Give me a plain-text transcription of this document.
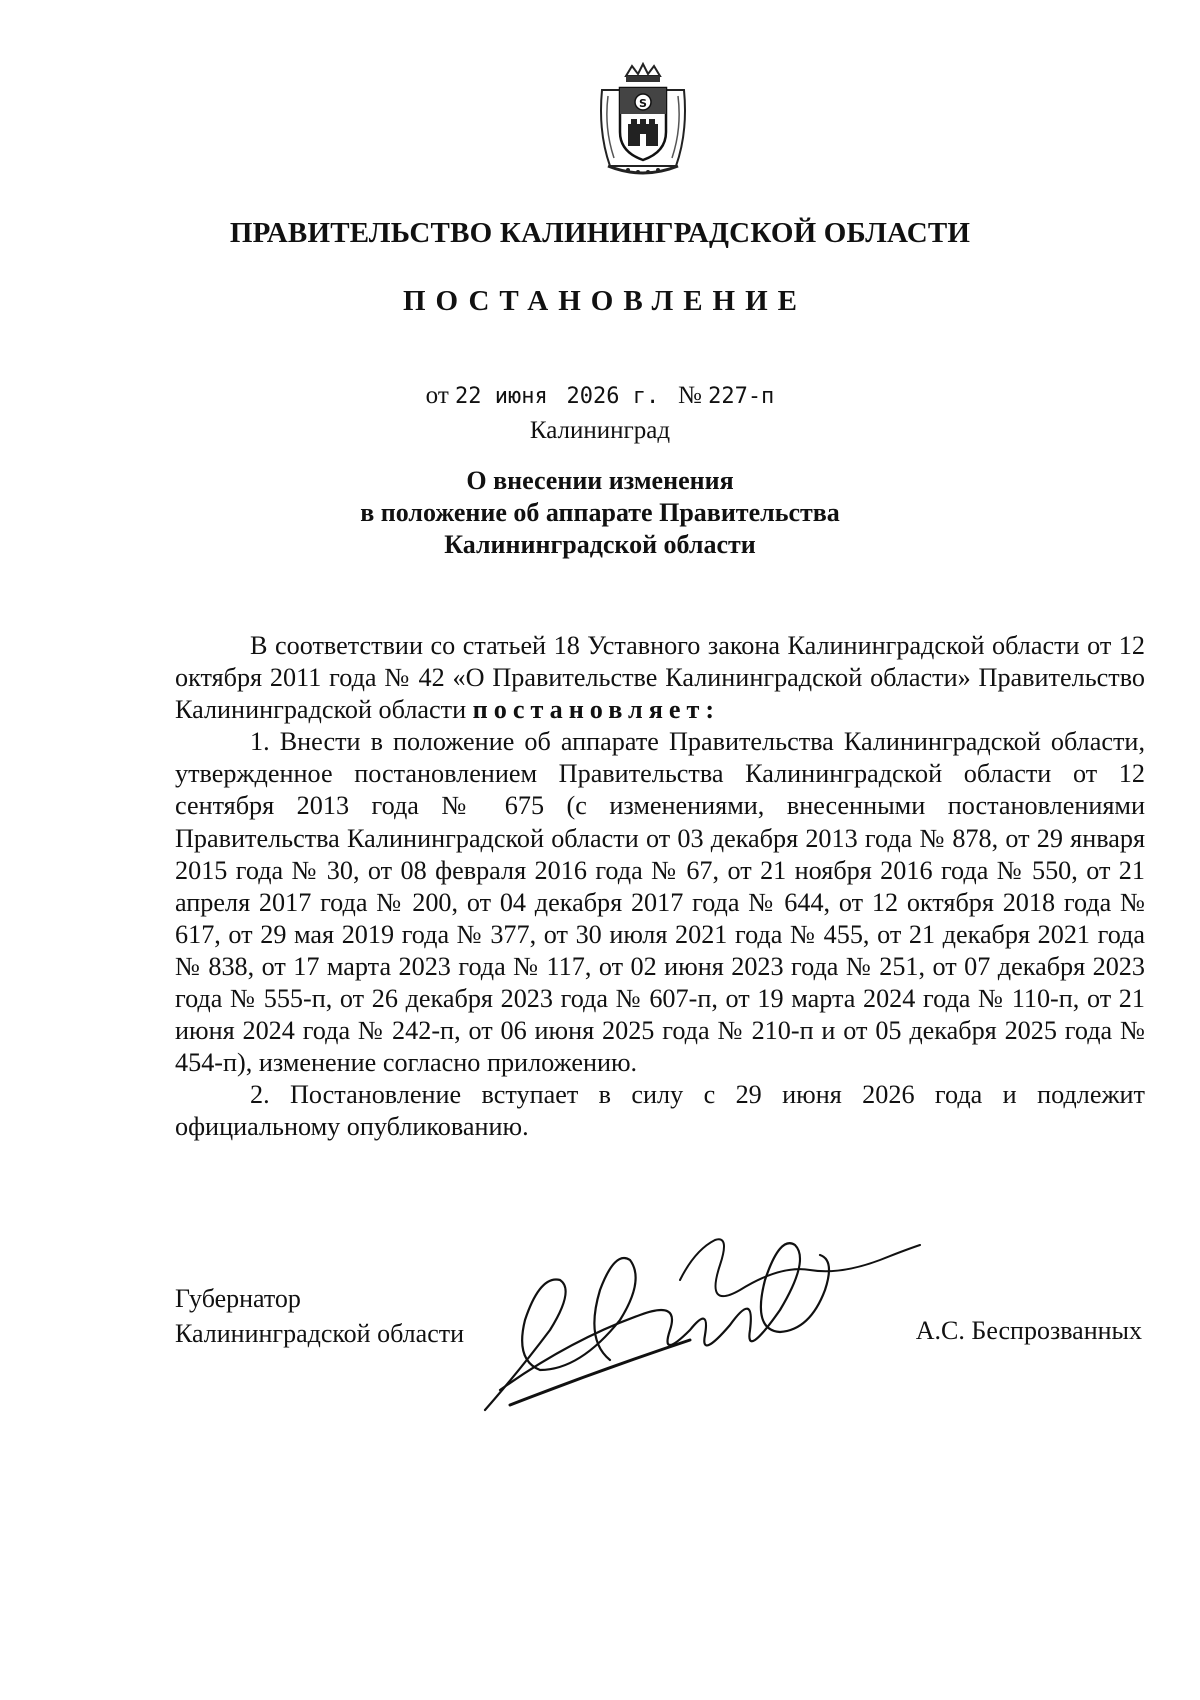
S
ПРАВИТЕЛЬСТВО КАЛИНИНГРАДСКОЙ ОБЛАСТИ
ПОСТАНОВЛЕНИЕ
от 22 июня 2026 г. № 227-п
Калининград
О внесении изменения
в положение об аппарате Правительства
Калининградской области

В соответствии со статьей 18 Уставного закона Калининградской области от 12 октября 2011 года № 42 «О Правительстве Калининградской области» Правительство Калининградской области постановляет:

1. Внести в положение об аппарате Правительства Калининградской области, утвержденное постановлением Правительства Калининградской области от 12 сентября 2013 года № 675 (с изменениями, внесенными постановлениями Правительства Калининградской области от 03 декабря 2013 года № 878, от 29 января 2015 года № 30, от 08 февраля 2016 года № 67, от 21 ноября 2016 года № 550, от 21 апреля 2017 года № 200, от 04 декабря 2017 года № 644, от 12 октября 2018 года № 617, от 29 мая 2019 года № 377, от 30 июля 2021 года № 455, от 21 декабря 2021 года № 838, от 17 марта 2023 года № 117, от 02 июня 2023 года № 251, от 07 декабря 2023 года № 555-п, от 26 декабря 2023 года № 607-п, от 19 марта 2024 года № 110-п, от 21 июня 2024 года № 242-п, от 06 июня 2025 года № 210-п и от 05 декабря 2025 года № 454-п), изменение согласно приложению.

2. Постановление вступает в силу с 29 июня 2026 года и подлежит официальному опубликованию.

Губернатор
Калининградской области	А.С. Беспрозванных
